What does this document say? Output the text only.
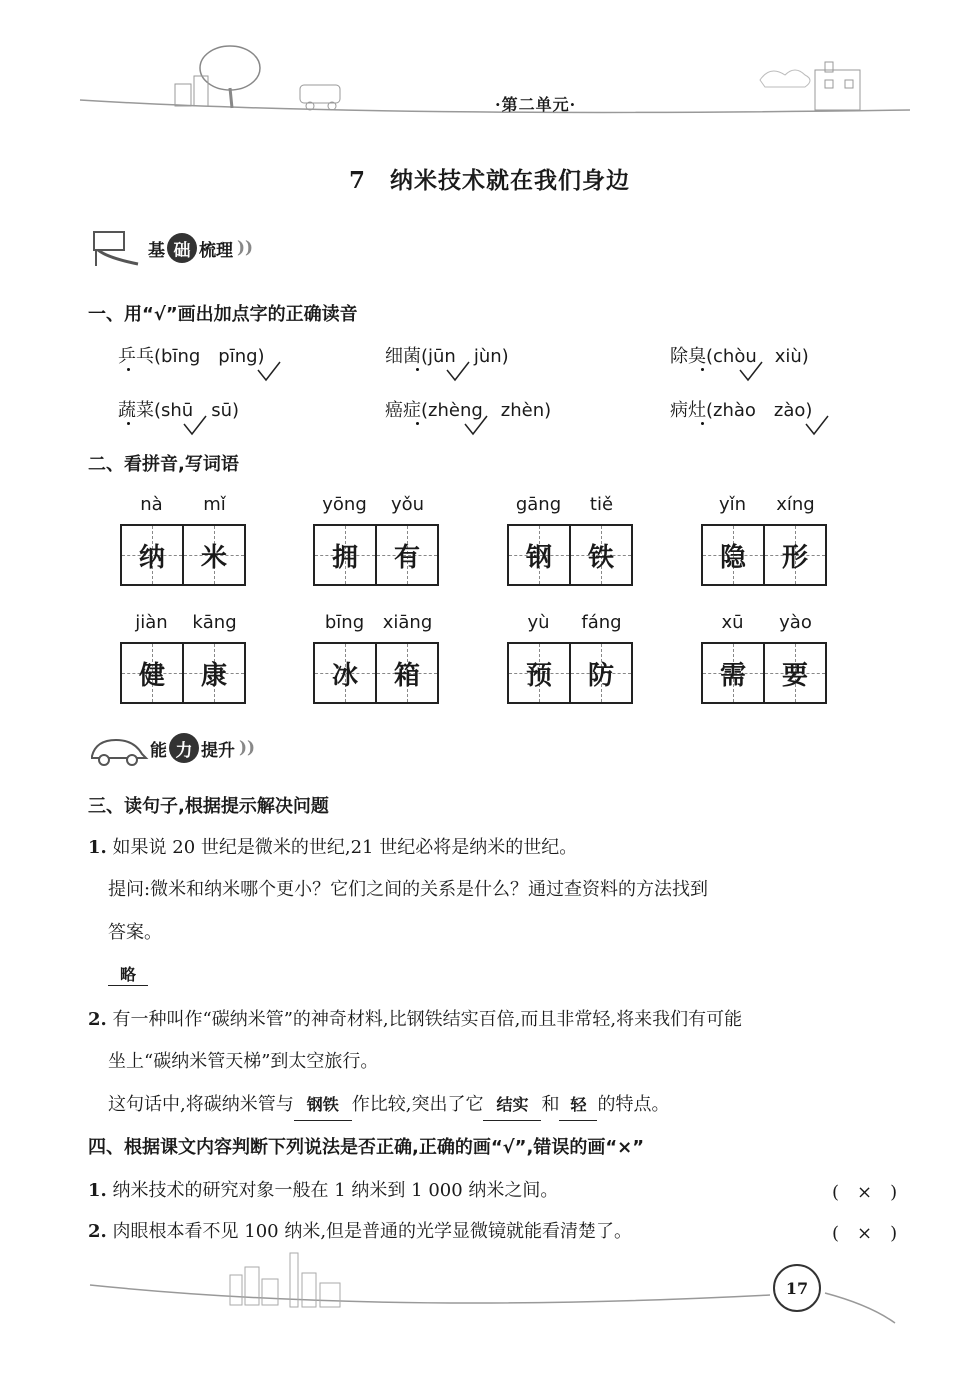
·第二单元·
7　纳米技术就在我们身边
基 础 梳理 ))
一、用“√”画出加点字的正确读音
乒乓(bīng　pīng)	细菌(jūn　jùn)	除臭(chòu　xiù)
蔬菜(shū　sū)	癌症(zhèng　zhèn)	病灶(zhào　zào)
二、看拼音,写词语
nà	mǐ
纳 米
yōng	yǒu
拥 有
gāng	tiě
钢 铁
yǐn	xíng
隐 形
jiàn	kāng
健 康
bīng	xiāng
冰 箱
yù	fáng
预 防
xū	yào
需 要
能 力 提升 ))
三、读句子,根据提示解决问题
1. 如果说 20 世纪是微米的世纪,21 世纪必将是纳米的世纪。
提问:微米和纳米哪个更小？它们之间的关系是什么？通过查资料的方法找到
答案。
略
2. 有一种叫作“碳纳米管”的神奇材料,比钢铁结实百倍,而且非常轻,将来我们有可能
坐上“碳纳米管天梯”到太空旅行。
这句话中,将碳纳米管与 钢铁 作比较,突出了它 结实 和 轻 的特点。
四、根据课文内容判断下列说法是否正确,正确的画“√”,错误的画“×”
1. 纳米技术的研究对象一般在 1 纳米到 1 000 纳米之间。	(　×　)
2. 肉眼根本看不见 100 纳米,但是普通的光学显微镜就能看清楚了。	(　×　)
17
